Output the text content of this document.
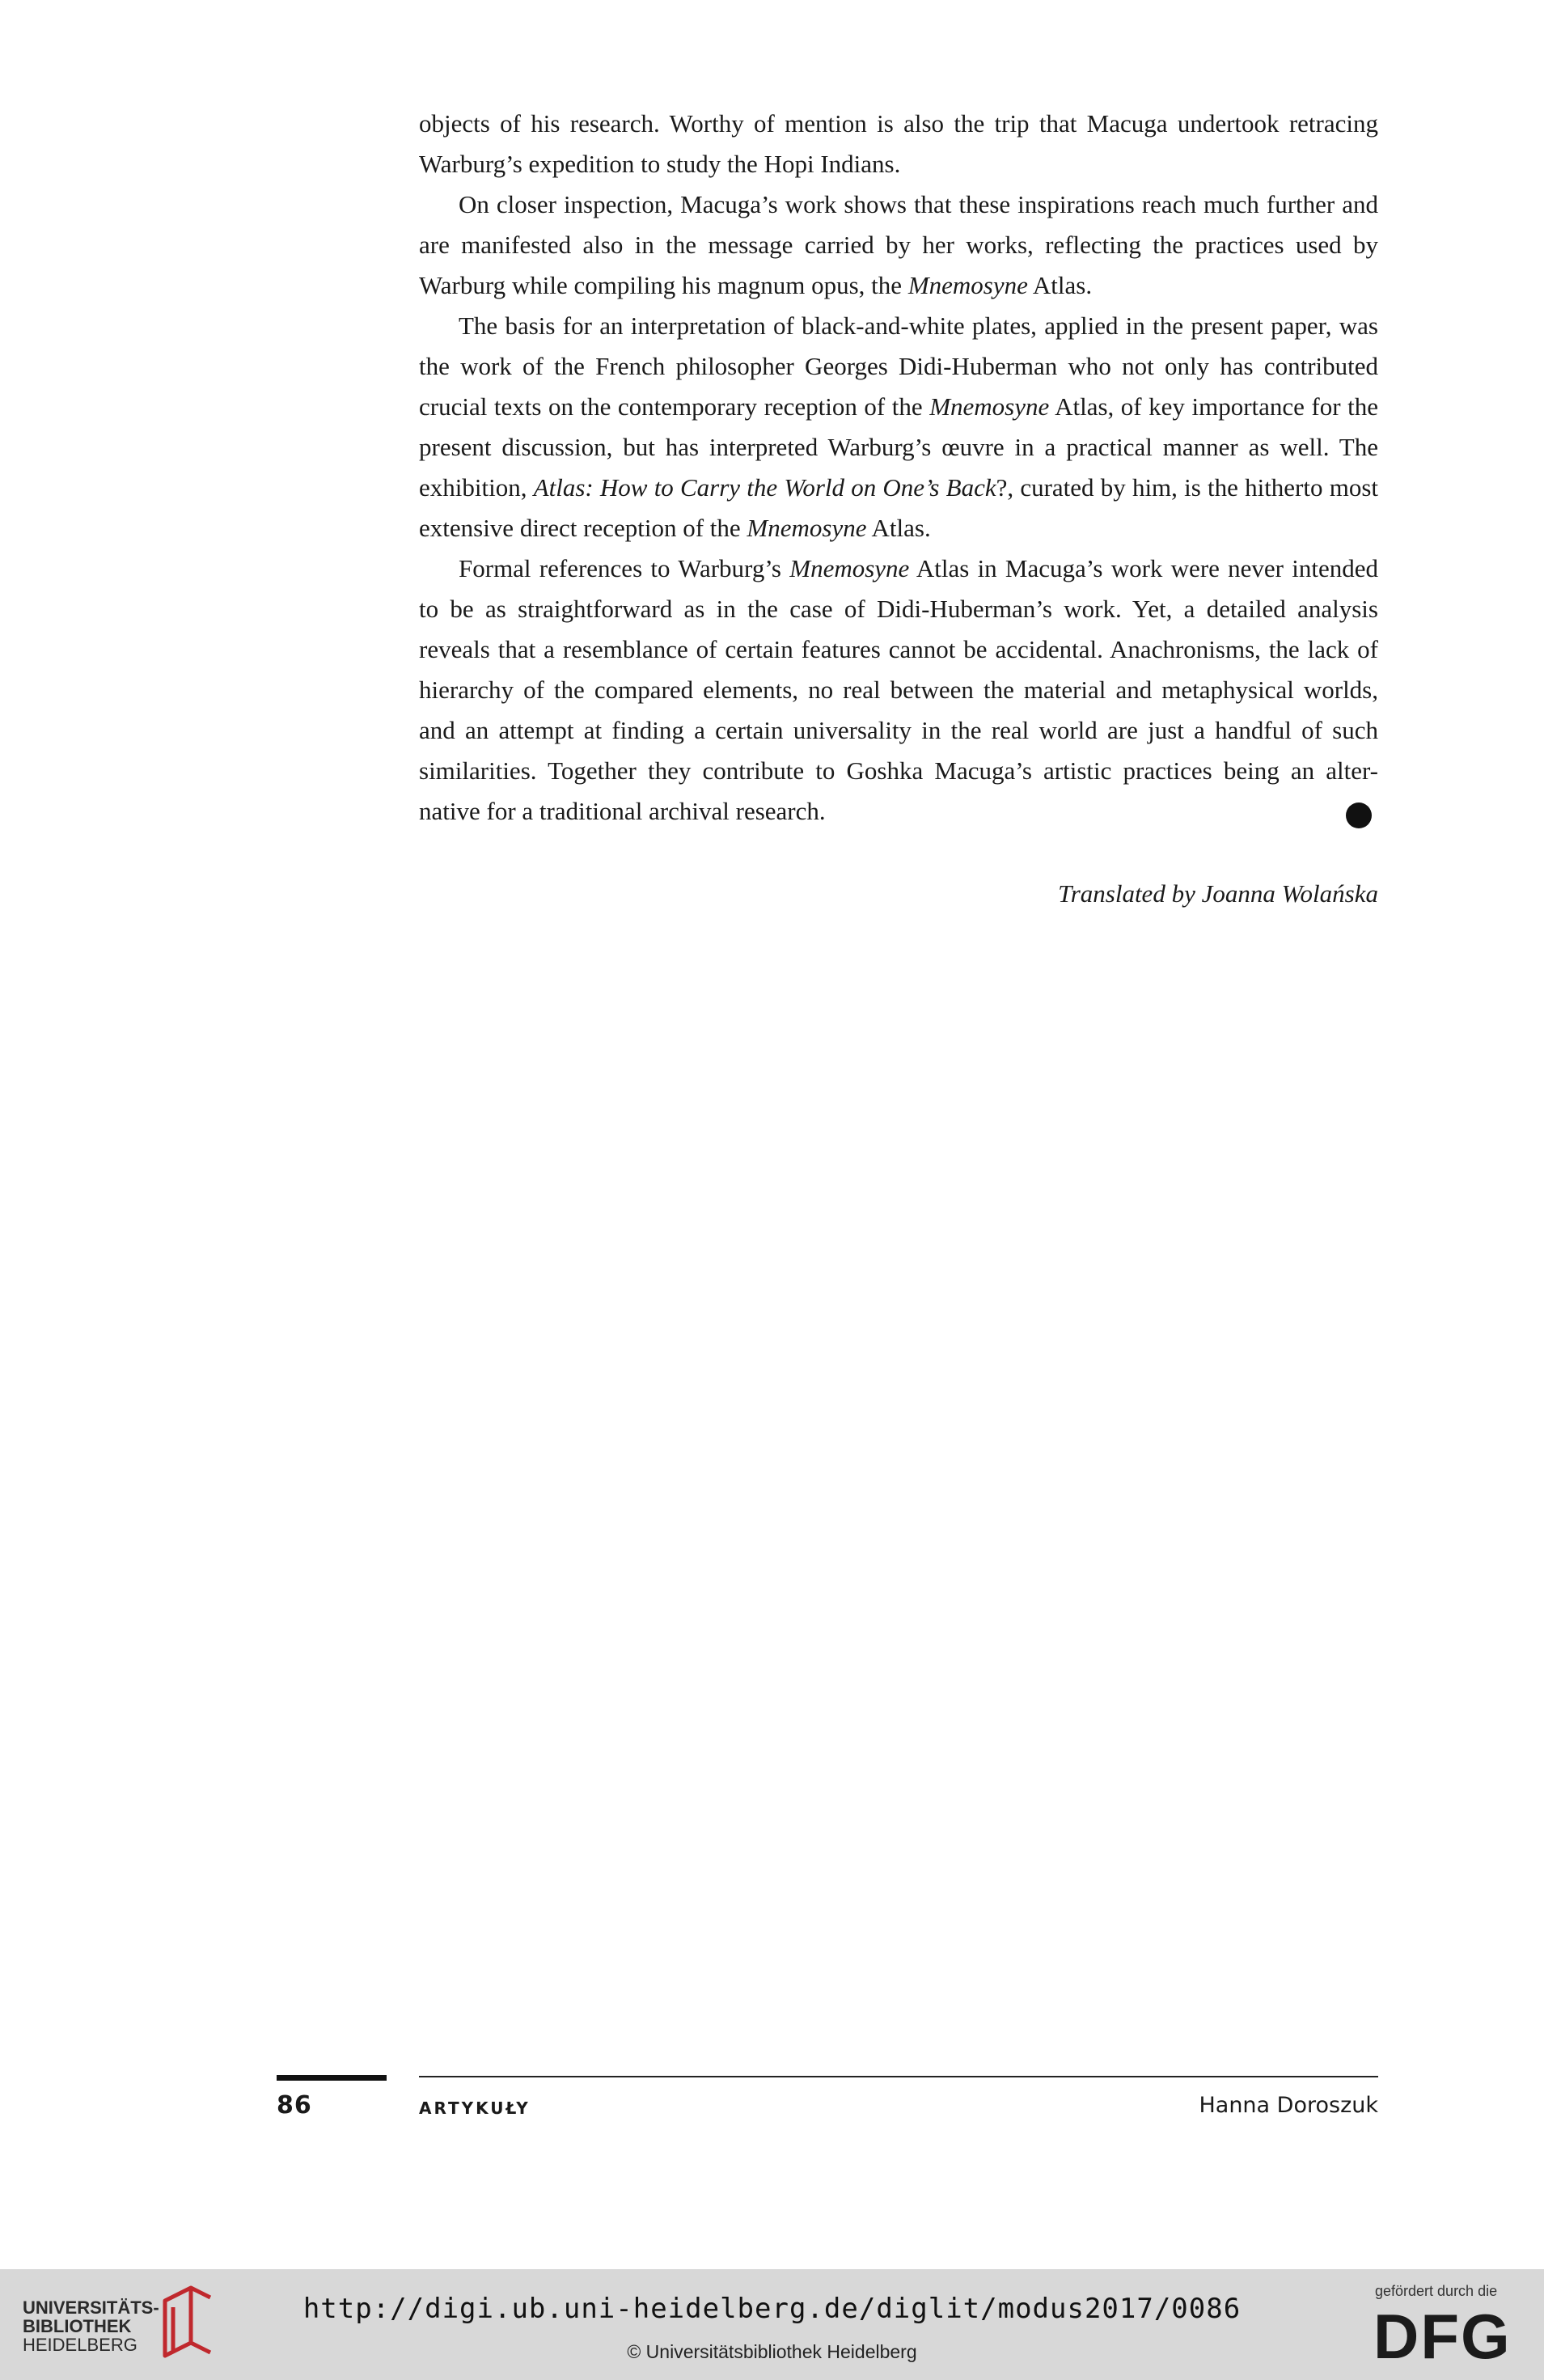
objects of his research. Worthy of mention is also the trip that Macuga undertook retracing Warburg’s expedition to study the Hopi Indians.

On closer inspection, Macuga’s work shows that these inspirations reach much further and are manifested also in the message carried by her works, reflecting the practices used by Warburg while compiling his magnum opus, the Mnemosyne Atlas.

The basis for an interpretation of black-and-white plates, applied in the present paper, was the work of the French philosopher Georges Didi-Huberman who not only has contributed crucial texts on the contemporary reception of the Mnemosyne Atlas, of key importance for the present discussion, but has interpreted Warburg’s œuvre in a practical manner as well. The exhibition, Atlas: How to Carry the World on One’s Back?, curated by him, is the hitherto most extensive direct reception of the Mnemosyne Atlas.

Formal references to Warburg’s Mnemosyne Atlas in Macuga’s work were never intended to be as straightforward as in the case of Didi-Huberman’s work. Yet, a detailed analysis reveals that a resemblance of certain features cannot be accidental. Anachronisms, the lack of hierarchy of the compared elements, no real between the material and metaphysical worlds, and an attempt at finding a certain universality in the real world are just a handful of such similarities. Together they contribute to Goshka Macuga’s artistic practices being an alter-native for a traditional archival research.

Translated by Joanna Wolańska
86	ARTYKUŁY	Hanna Doroszuk
UNIVERSITÄTS-
BIBLIOTHEK
HEIDELBERG
http://digi.ub.uni-heidelberg.de/diglit/modus2017/0086
© Universitätsbibliothek Heidelberg
gefördert durch die
DFG
